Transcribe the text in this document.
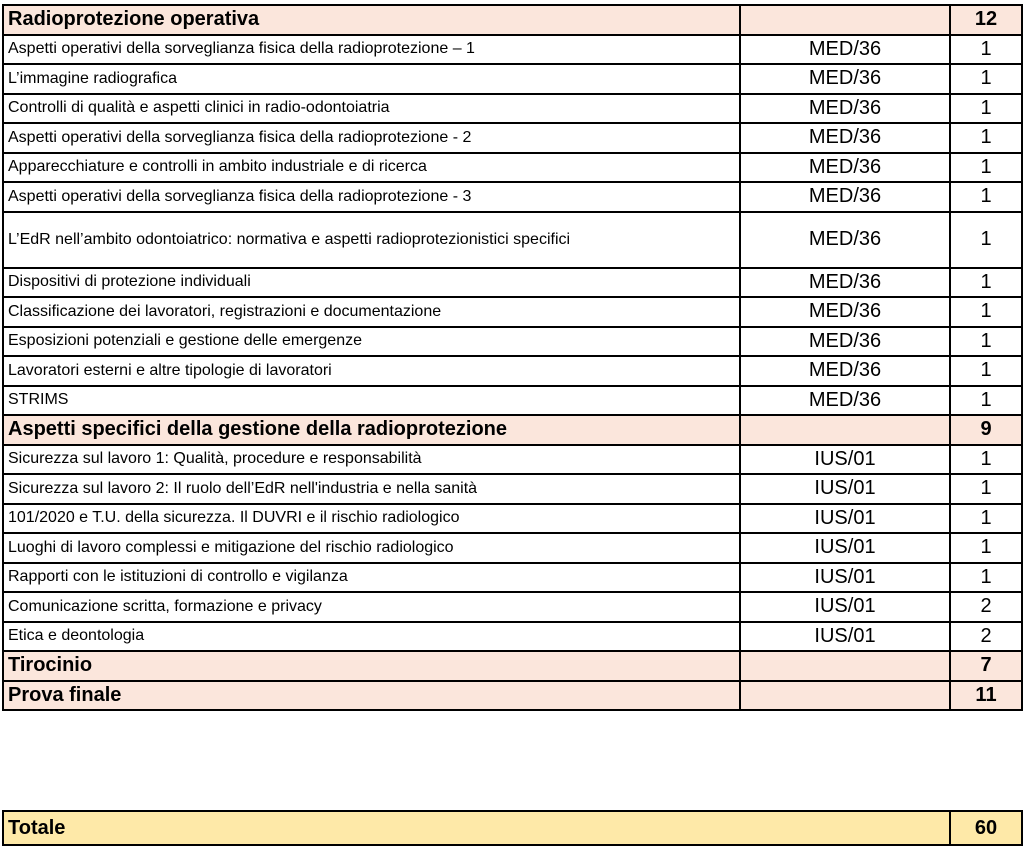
Radioprotezione operativa		12
Aspetti operativi della sorveglianza fisica della radioprotezione – 1	MED/36	1
L’immagine radiografica	MED/36	1
Controlli di qualità e aspetti clinici in radio-odontoiatria	MED/36	1
Aspetti operativi della sorveglianza fisica della radioprotezione - 2	MED/36	1
Apparecchiature e controlli in ambito industriale e di ricerca	MED/36	1
Aspetti operativi della sorveglianza fisica della radioprotezione - 3	MED/36	1
L’EdR nell’ambito odontoiatrico: normativa e aspetti radioprotezionistici specifici	MED/36	1
Dispositivi di protezione individuali	MED/36	1
Classificazione dei lavoratori, registrazioni e documentazione	MED/36	1
Esposizioni potenziali e gestione delle emergenze	MED/36	1
Lavoratori esterni e altre tipologie di lavoratori	MED/36	1
STRIMS	MED/36	1
Aspetti specifici della gestione della radioprotezione		9
Sicurezza sul lavoro 1: Qualità, procedure e responsabilità	IUS/01	1
Sicurezza sul lavoro 2: Il ruolo dell’EdR nell'industria e nella sanità	IUS/01	1
101/2020 e T.U. della sicurezza. Il DUVRI e il rischio radiologico	IUS/01	1
Luoghi di lavoro complessi e mitigazione del rischio radiologico	IUS/01	1
Rapporti con le istituzioni di controllo e vigilanza	IUS/01	1
Comunicazione scritta, formazione e privacy	IUS/01	2
Etica e deontologia	IUS/01	2
Tirocinio		7
Prova finale		11
Totale	60
